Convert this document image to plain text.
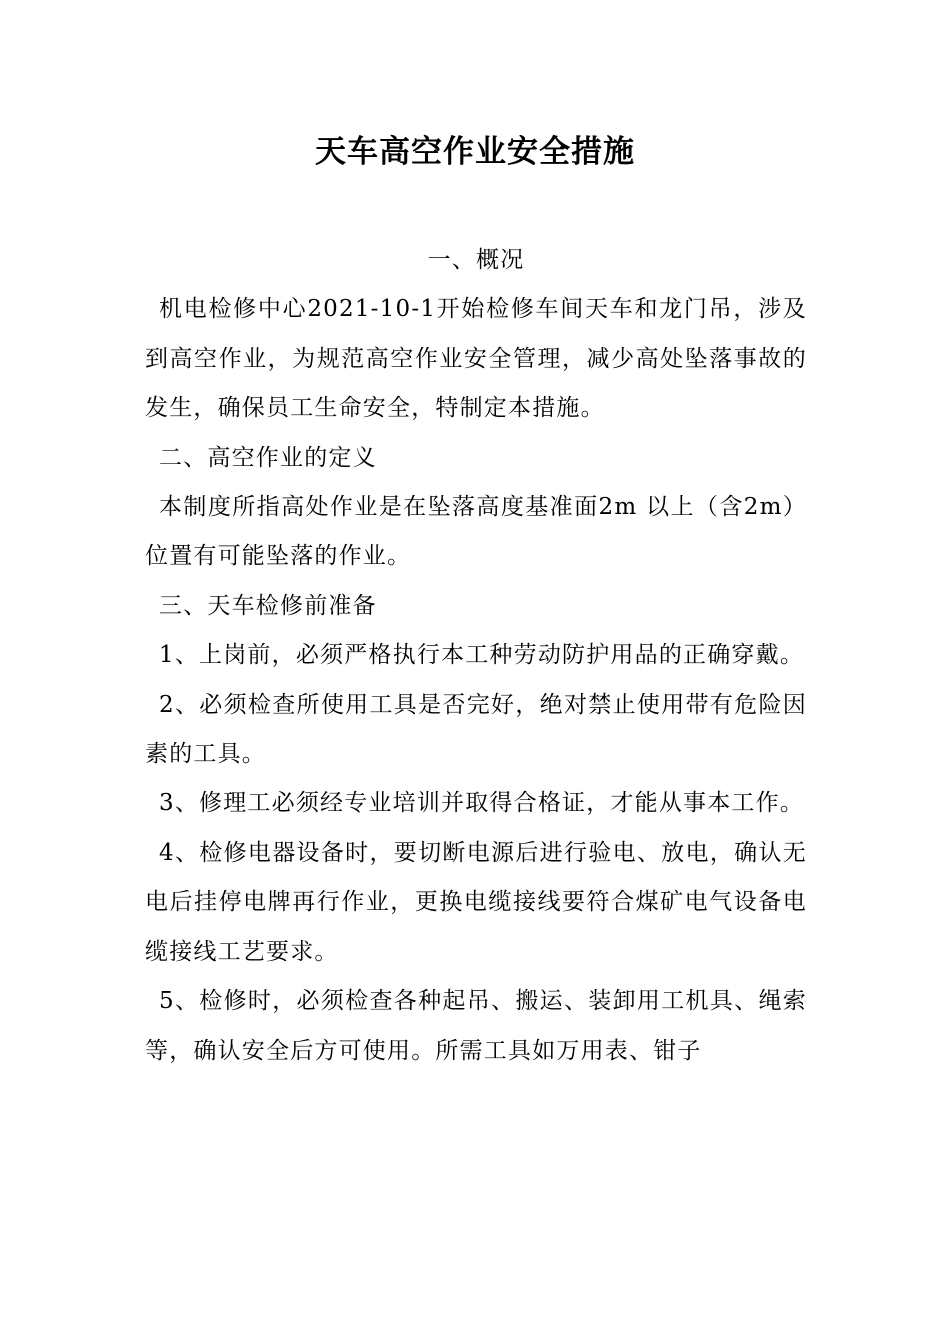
天车高空作业安全措施

一、概况

机电检修中心2021-10-1开始检修车间天车和龙门吊，涉及到高空作业，为规范高空作业安全管理，减少高处坠落事故的发生，确保员工生命安全，特制定本措施。

二、高空作业的定义

本制度所指高处作业是在坠落高度基准面2m 以上（含2m）位置有可能坠落的作业。

三、天车检修前准备

1、上岗前，必须严格执行本工种劳动防护用品的正确穿戴。

2、必须检查所使用工具是否完好，绝对禁止使用带有危险因素的工具。

3、修理工必须经专业培训并取得合格证，才能从事本工作。

4、检修电器设备时，要切断电源后进行验电、放电，确认无电后挂停电牌再行作业，更换电缆接线要符合煤矿电气设备电缆接线工艺要求。

5、检修时，必须检查各种起吊、搬运、装卸用工机具、绳索等，确认安全后方可使用。所需工具如万用表、钳子
